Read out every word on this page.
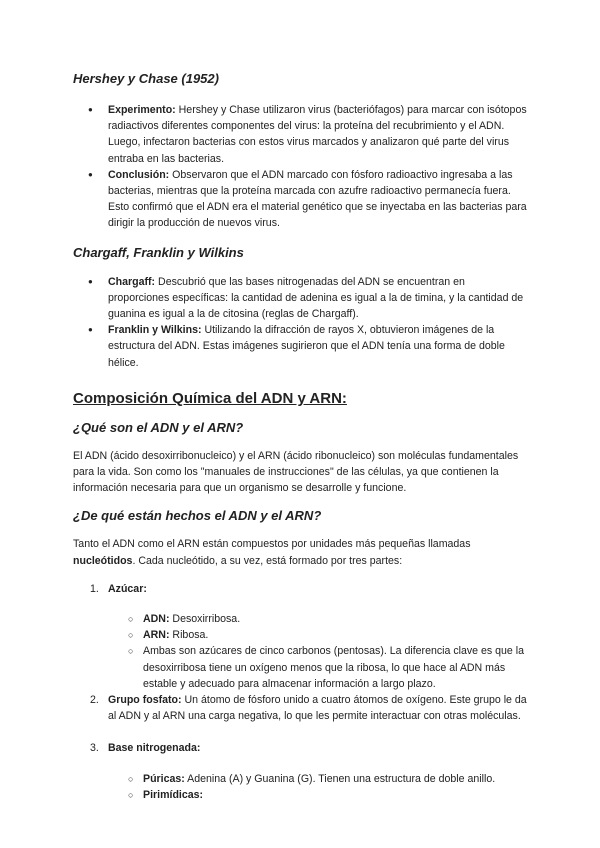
Hershey y Chase (1952)
● Experimento: Hershey y Chase utilizaron virus (bacteriófagos) para marcar con isótopos radiactivos diferentes componentes del virus: la proteína del recubrimiento y el ADN. Luego, infectaron bacterias con estos virus marcados y analizaron qué parte del virus entraba en las bacterias.
● Conclusión: Observaron que el ADN marcado con fósforo radioactivo ingresaba a las bacterias, mientras que la proteína marcada con azufre radioactivo permanecía fuera. Esto confirmó que el ADN era el material genético que se inyectaba en las bacterias para dirigir la producción de nuevos virus.
Chargaff, Franklin y Wilkins
● Chargaff: Descubrió que las bases nitrogenadas del ADN se encuentran en proporciones específicas: la cantidad de adenina es igual a la de timina, y la cantidad de guanina es igual a la de citosina (reglas de Chargaff).
● Franklin y Wilkins: Utilizando la difracción de rayos X, obtuvieron imágenes de la estructura del ADN. Estas imágenes sugirieron que el ADN tenía una forma de doble hélice.
Composición Química del ADN y ARN:
¿Qué son el ADN y el ARN?

El ADN (ácido desoxirribonucleico) y el ARN (ácido ribonucleico) son moléculas fundamentales para la vida. Son como los "manuales de instrucciones" de las células, ya que contienen la información necesaria para que un organismo se desarrolle y funcione.

¿De qué están hechos el ADN y el ARN?

Tanto el ADN como el ARN están compuestos por unidades más pequeñas llamadas nucleótidos. Cada nucleótido, a su vez, está formado por tres partes:

1. Azúcar:
○ ADN: Desoxirribosa.
○ ARN: Ribosa.
○ Ambas son azúcares de cinco carbonos (pentosas). La diferencia clave es que la desoxirribosa tiene un oxígeno menos que la ribosa, lo que hace al ADN más estable y adecuado para almacenar información a largo plazo.
2. Grupo fosfato: Un átomo de fósforo unido a cuatro átomos de oxígeno. Este grupo le da al ADN y al ARN una carga negativa, lo que les permite interactuar con otras moléculas.
3. Base nitrogenada:
○ Púricas: Adenina (A) y Guanina (G). Tienen una estructura de doble anillo.
○ Pirimídicas:
